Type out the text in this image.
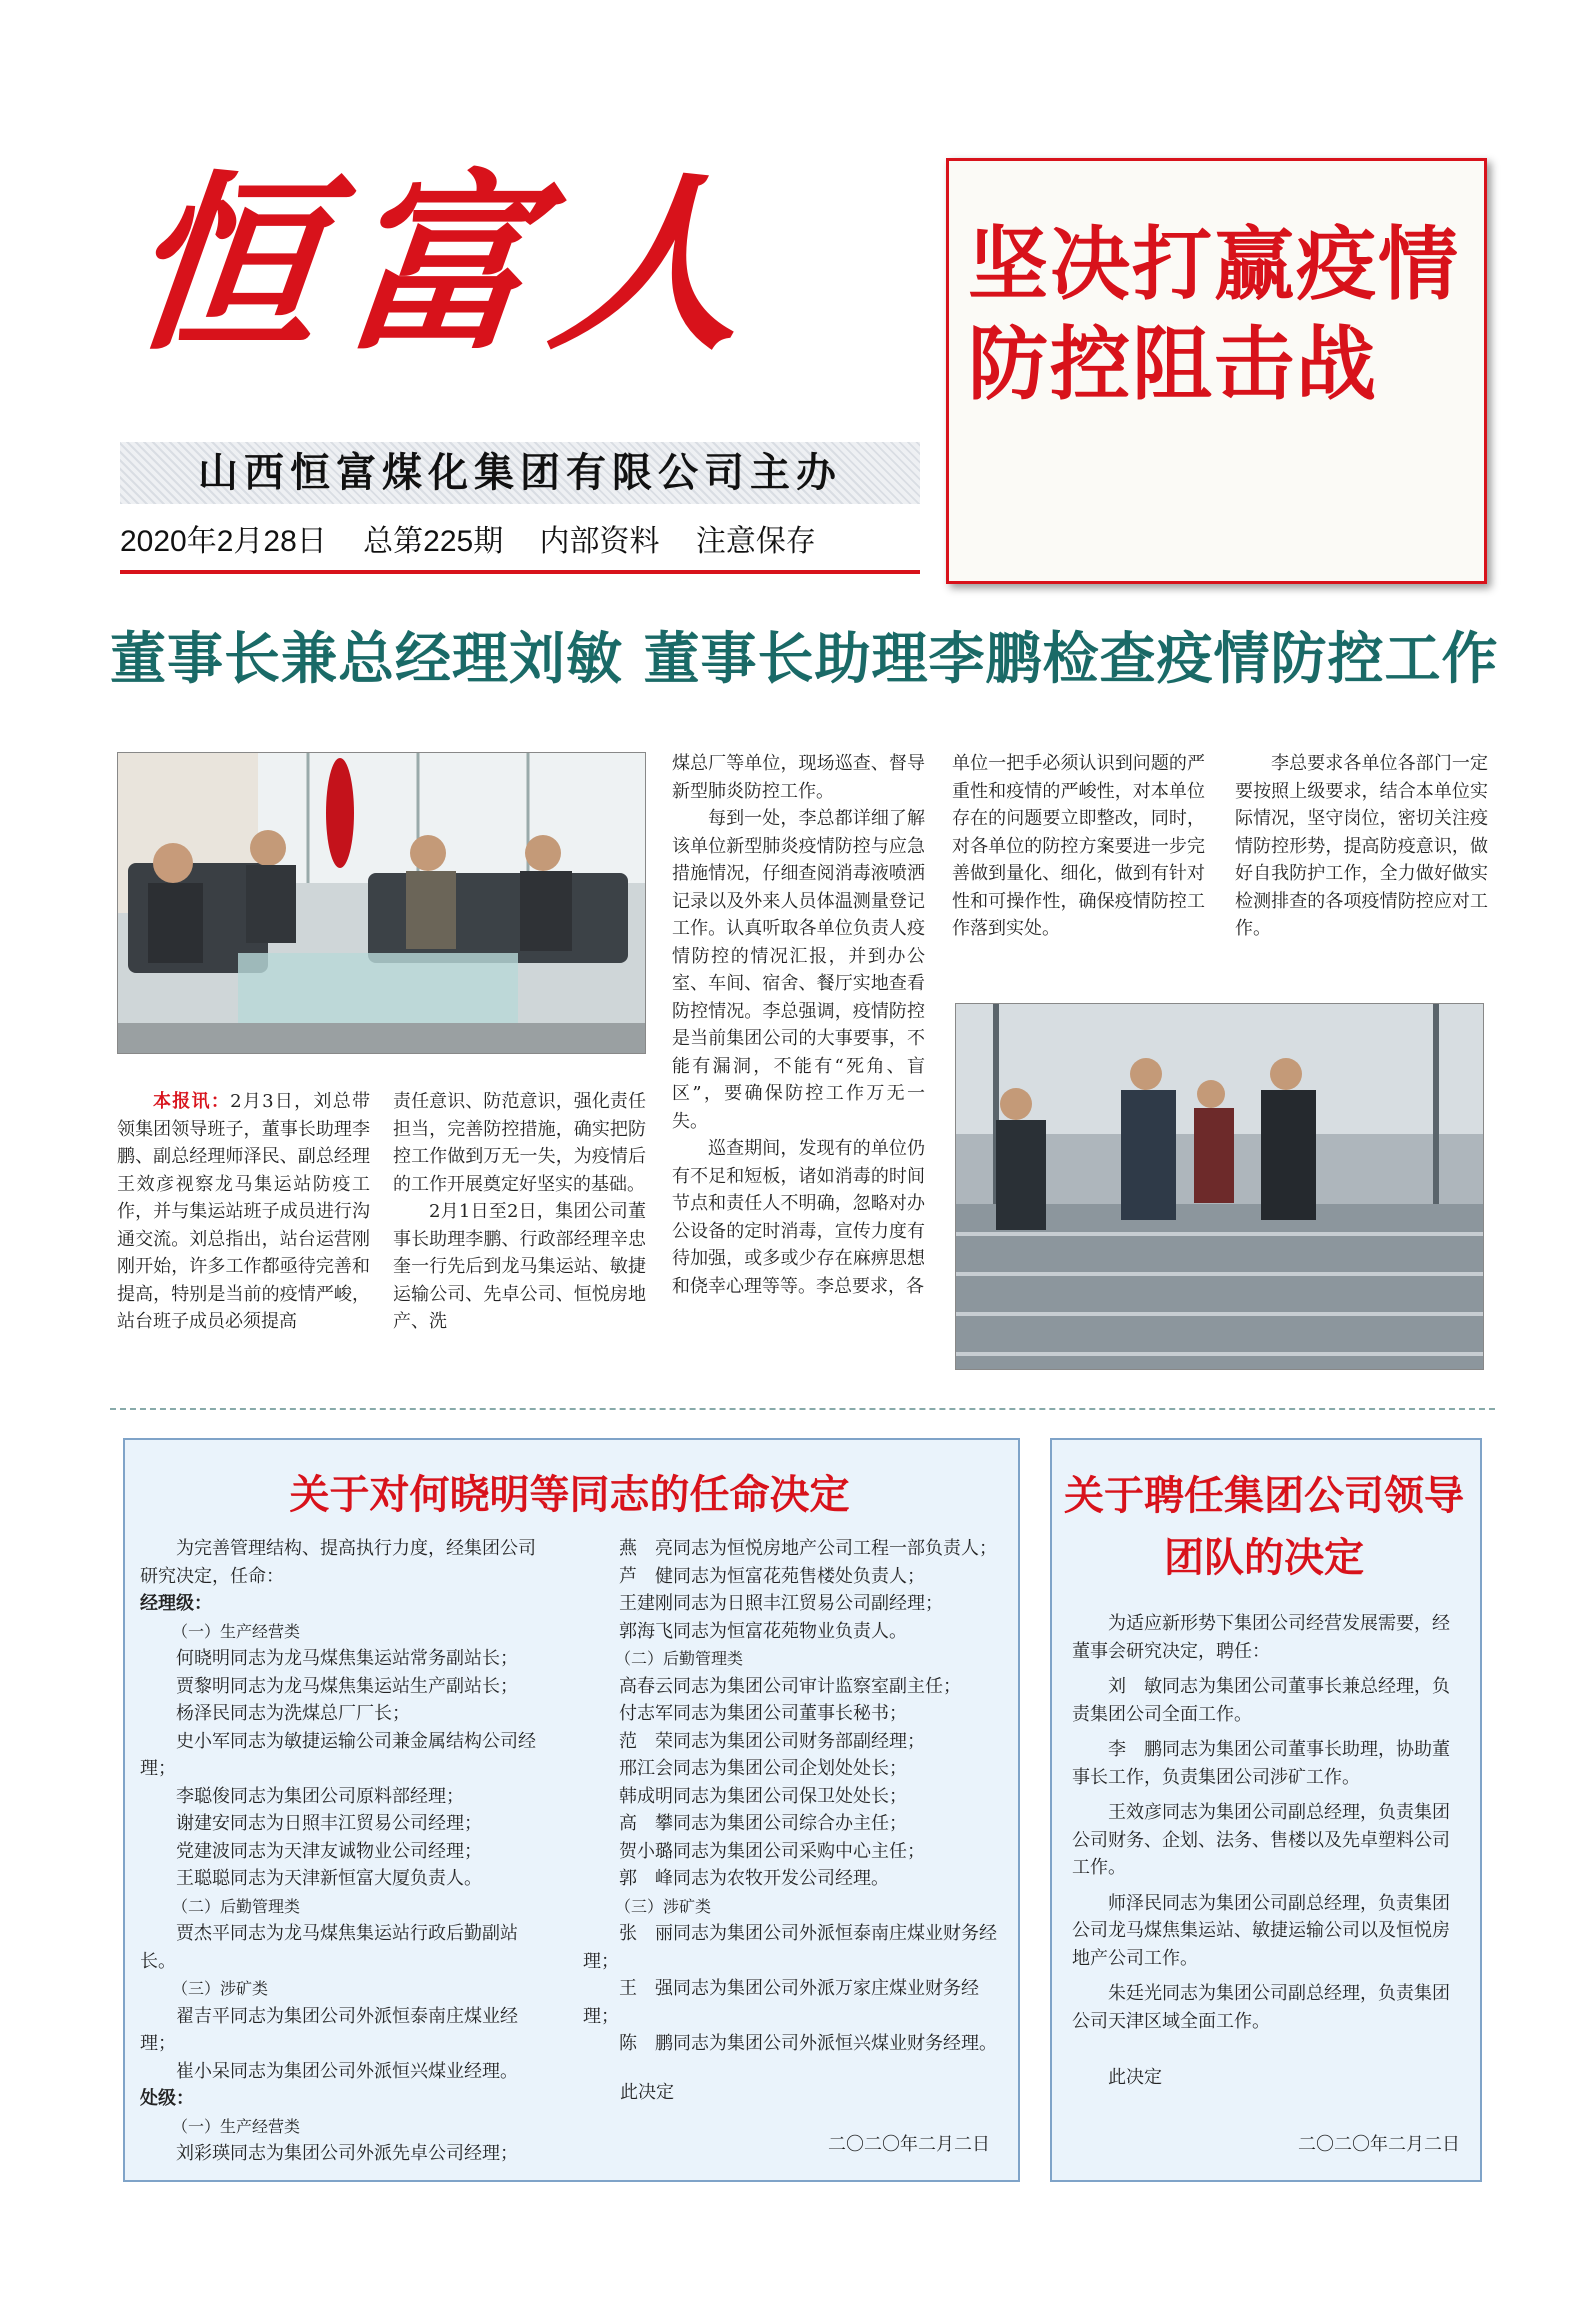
恒富人
山西恒富煤化集团有限公司主办
2020年2月28日 总第225期 内部资料 注意保存
坚决打赢疫情防控阻击战
董事长兼总经理刘敏 董事长助理李鹏检查疫情防控工作

本报讯：2月3日，刘总带领集团领导班子，董事长助理李鹏、副总经理师泽民、副总经理王效彦视察龙马集运站防疫工作，并与集运站班子成员进行沟通交流。刘总指出，站台运营刚刚开始，许多工作都亟待完善和提高，特别是当前的疫情严峻，站台班子成员必须提高

责任意识、防范意识，强化责任担当，完善防控措施，确实把防控工作做到万无一失，为疫情后的工作开展奠定好坚实的基础。

2月1日至2日，集团公司董事长助理李鹏、行政部经理辛忠奎一行先后到龙马集运站、敏捷运输公司、先卓公司、恒悦房地产、洗

煤总厂等单位，现场巡查、督导新型肺炎防控工作。

每到一处，李总都详细了解该单位新型肺炎疫情防控与应急措施情况，仔细查阅消毒液喷洒记录以及外来人员体温测量登记工作。认真听取各单位负责人疫情防控的情况汇报，并到办公室、车间、宿舍、餐厅实地查看防控情况。李总强调，疫情防控是当前集团公司的大事要事，不能有漏洞，不能有“死角、盲区”，要确保防控工作万无一失。

巡查期间，发现有的单位仍有不足和短板，诸如消毒的时间节点和责任人不明确，忽略对办公设备的定时消毒，宣传力度有待加强，或多或少存在麻痹思想和侥幸心理等等。李总要求，各

单位一把手必须认识到问题的严重性和疫情的严峻性，对本单位存在的问题要立即整改，同时，对各单位的防控方案要进一步完善做到量化、细化，做到有针对性和可操作性，确保疫情防控工作落到实处。

李总要求各单位各部门一定要按照上级要求，结合本单位实际情况，坚守岗位，密切关注疫情防控形势，提高防疫意识，做好自我防护工作，全力做好做实检测排查的各项疫情防控应对工作。

关于对何晓明等同志的任命决定

为完善管理结构、提高执行力度，经集团公司研究决定，任命：

经理级：

（一）生产经营类

何晓明同志为龙马煤焦集运站常务副站长；

贾黎明同志为龙马煤焦集运站生产副站长；

杨泽民同志为洗煤总厂厂长；

史小军同志为敏捷运输公司兼金属结构公司经理；

李聪俊同志为集团公司原料部经理；

谢建安同志为日照丰江贸易公司经理；

党建波同志为天津友诚物业公司经理；

王聪聪同志为天津新恒富大厦负责人。

（二）后勤管理类

贾杰平同志为龙马煤焦集运站行政后勤副站长。

（三）涉矿类

翟吉平同志为集团公司外派恒泰南庄煤业经理；

崔小呆同志为集团公司外派恒兴煤业经理。

处级：

（一）生产经营类

刘彩瑛同志为集团公司外派先卓公司经理；

燕　亮同志为恒悦房地产公司工程一部负责人；

芦　健同志为恒富花苑售楼处负责人；

王建刚同志为日照丰江贸易公司副经理；

郭海飞同志为恒富花苑物业负责人。

（二）后勤管理类

高春云同志为集团公司审计监察室副主任；

付志军同志为集团公司董事长秘书；

范　荣同志为集团公司财务部副经理；

邢江会同志为集团公司企划处处长；

韩成明同志为集团公司保卫处处长；

高　攀同志为集团公司综合办主任；

贺小璐同志为集团公司采购中心主任；

郭　峰同志为农牧开发公司经理。

（三）涉矿类

张　丽同志为集团公司外派恒泰南庄煤业财务经理；

王　强同志为集团公司外派万家庄煤业财务经理；

陈　鹏同志为集团公司外派恒兴煤业财务经理。

此决定
二〇二〇年二月二日
关于聘任集团公司领导团队的决定

为适应新形势下集团公司经营发展需要，经董事会研究决定，聘任：

刘　敏同志为集团公司董事长兼总经理，负责集团公司全面工作。

李　鹏同志为集团公司董事长助理，协助董事长工作，负责集团公司涉矿工作。

王效彦同志为集团公司副总经理，负责集团公司财务、企划、法务、售楼以及先卓塑料公司工作。

师泽民同志为集团公司副总经理，负责集团公司龙马煤焦集运站、敏捷运输公司以及恒悦房地产公司工作。

朱廷光同志为集团公司副总经理，负责集团公司天津区域全面工作。

此决定
二〇二〇年二月二日
